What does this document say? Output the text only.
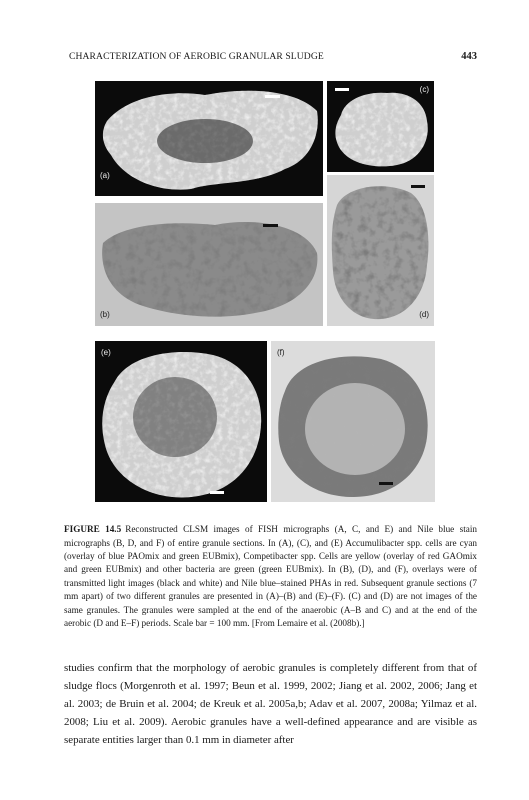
CHARACTERIZATION OF AEROBIC GRANULAR SLUDGE	443
(a)
(c)
(b)	(d)
(e)	(f)

FIGURE 14.5 Reconstructed CLSM images of FISH micrographs (A, C, and E) and Nile blue stain micrographs (B, D, and F) of entire granule sections. In (A), (C), and (E) Accumulibacter spp. cells are cyan (overlay of blue PAOmix and green EUBmix), Competibacter spp. Cells are yellow (overlay of red GAOmix and green EUBmix) and other bacteria are green (green EUBmix). In (B), (D), and (F), overlays were of transmitted light images (black and white) and Nile blue–stained PHAs in red. Subsequent granule sections (7 mm apart) of two different granules are presented in (A)–(B) and (E)–(F). (C) and (D) are not images of the same granules. The granules were sampled at the end of the anaerobic (A–B and C) and at the end of the aerobic (D and E–F) periods. Scale bar = 100 mm. [From Lemaire et al. (2008b).]

studies confirm that the morphology of aerobic granules is completely different from that of sludge flocs (Morgenroth et al. 1997; Beun et al. 1999, 2002; Jiang et al. 2002, 2006; Jang et al. 2003; de Bruin et al. 2004; de Kreuk et al. 2005a,b; Adav et al. 2007, 2008a; Yilmaz et al. 2008; Liu et al. 2009). Aerobic granules have a well-defined appearance and are visible as separate entities larger than 0.1 mm in diameter after
